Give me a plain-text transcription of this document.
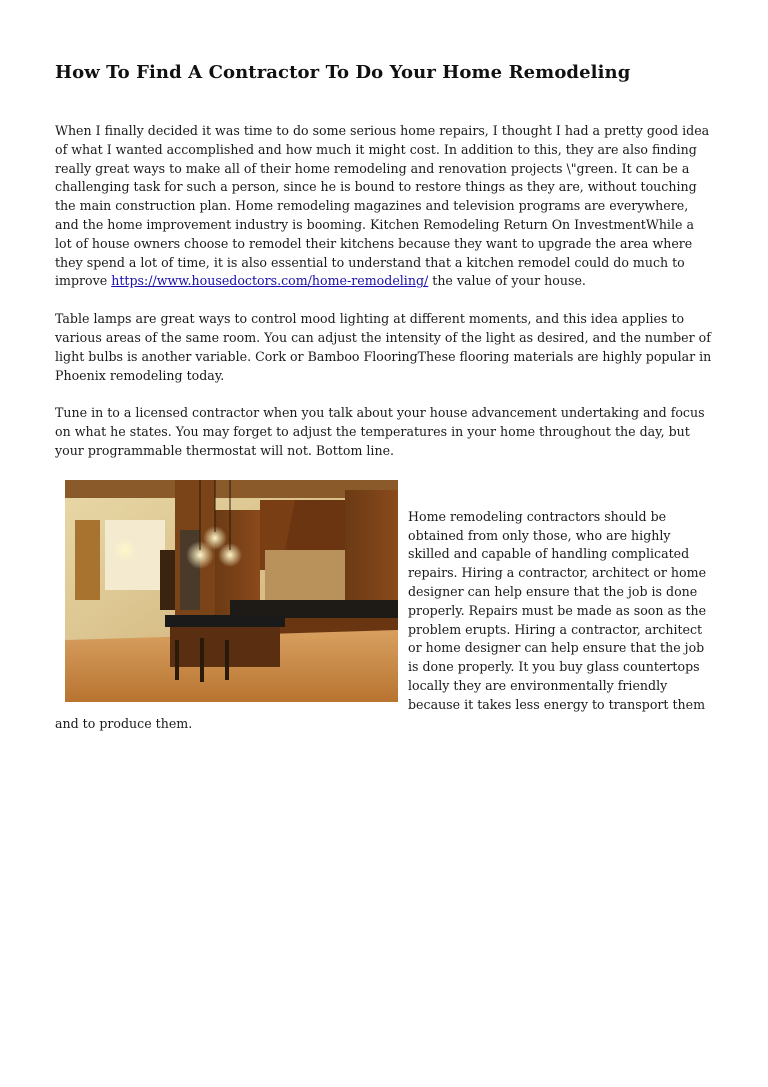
How To Find A Contractor To Do Your Home Remodeling

When I finally decided it was time to do some serious home repairs, I thought I had a pretty good idea of what I wanted accomplished and how much it might cost. In addition to this, they are also finding really great ways to make all of their home remodeling and renovation projects \"green. It can be a challenging task for such a person, since he is bound to restore things as they are, without touching the main construction plan. Home remodeling magazines and television programs are everywhere, and the home improvement industry is booming. Kitchen Remodeling Return On InvestmentWhile a lot of house owners choose to remodel their kitchens because they want to upgrade the area where they spend a lot of time, it is also essential to understand that a kitchen remodel could do much to improve https://www.housedoctors.com/home-remodeling/ the value of your house.

Table lamps are great ways to control mood lighting at different moments, and this idea applies to various areas of the same room. You can adjust the intensity of the light as desired, and the number of light bulbs is another variable. Cork or Bamboo FlooringThese flooring materials are highly popular in Phoenix remodeling today.

Tune in to a licensed contractor when you talk about your house advancement undertaking and focus on what he states. You may forget to adjust the temperatures in your home throughout the day, but your programmable thermostat will not. Bottom line.

Home remodeling contractors should be obtained from only those, who are highly skilled and capable of handling complicated repairs. Hiring a contractor, architect or home designer can help ensure that the job is done properly. Repairs must be made as soon as the problem erupts. Hiring a contractor, architect or home designer can help ensure that the job is done properly. It you buy glass countertops locally they are environmentally friendly because it takes less energy to transport them and to produce them.
